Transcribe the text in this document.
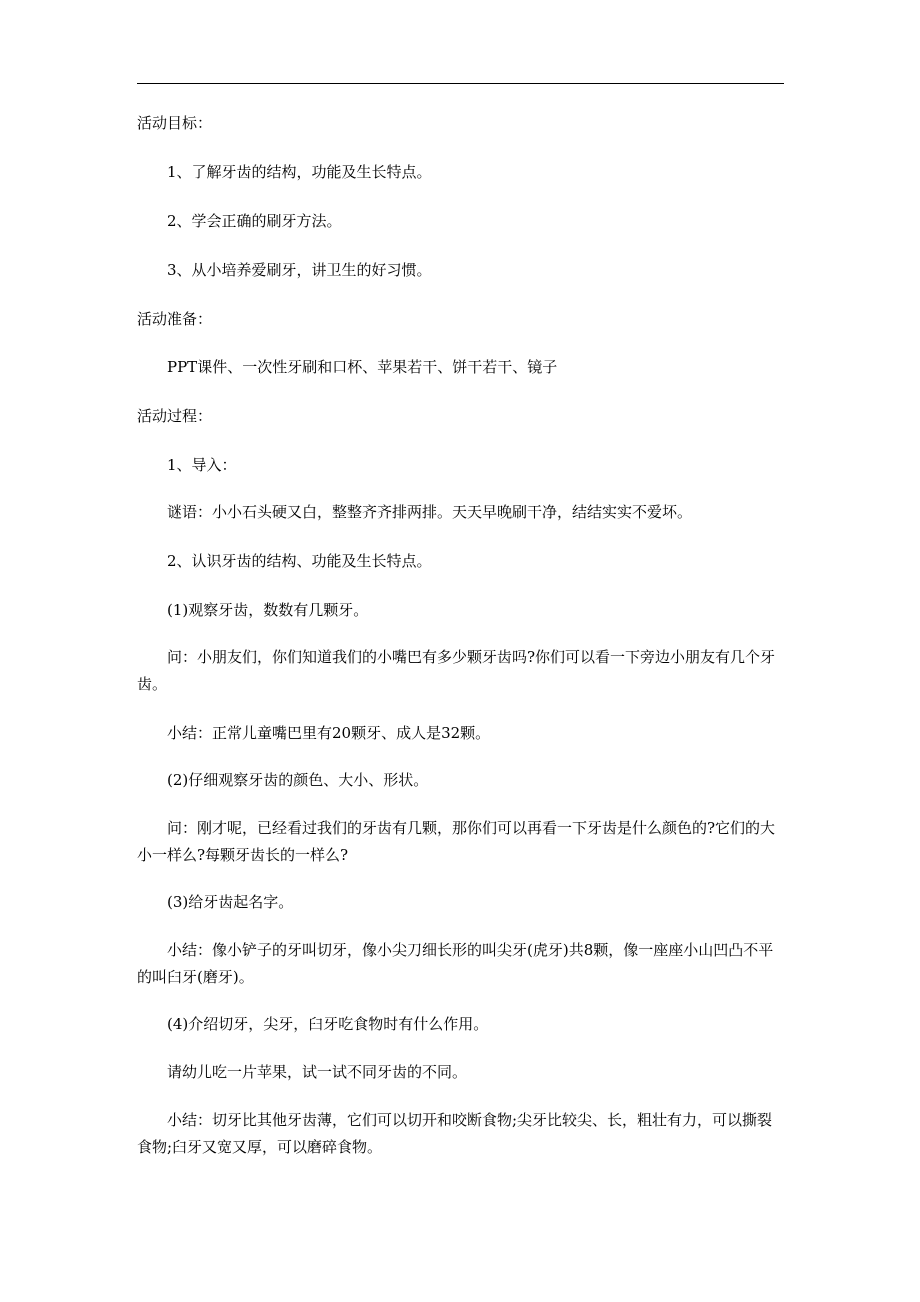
活动目标：

1、了解牙齿的结构，功能及生长特点。

2、学会正确的刷牙方法。

3、从小培养爱刷牙，讲卫生的好习惯。

活动准备：

PPT课件、一次性牙刷和口杯、苹果若干、饼干若干、镜子

活动过程：

1、导入：

谜语：小小石头硬又白，整整齐齐排两排。天天早晚刷干净，结结实实不爱坏。

2、认识牙齿的结构、功能及生长特点。

(1)观察牙齿，数数有几颗牙。

问：小朋友们，你们知道我们的小嘴巴有多少颗牙齿吗?你们可以看一下旁边小朋友有几个牙齿。

小结：正常儿童嘴巴里有20颗牙、成人是32颗。

(2)仔细观察牙齿的颜色、大小、形状。

问：刚才呢，已经看过我们的牙齿有几颗，那你们可以再看一下牙齿是什么颜色的?它们的大小一样么?每颗牙齿长的一样么?

(3)给牙齿起名字。

小结：像小铲子的牙叫切牙，像小尖刀细长形的叫尖牙(虎牙)共8颗，像一座座小山凹凸不平的叫臼牙(磨牙)。

(4)介绍切牙，尖牙，臼牙吃食物时有什么作用。

请幼儿吃一片苹果，试一试不同牙齿的不同。

小结：切牙比其他牙齿薄，它们可以切开和咬断食物;尖牙比较尖、长，粗壮有力，可以撕裂食物;臼牙又宽又厚，可以磨碎食物。
